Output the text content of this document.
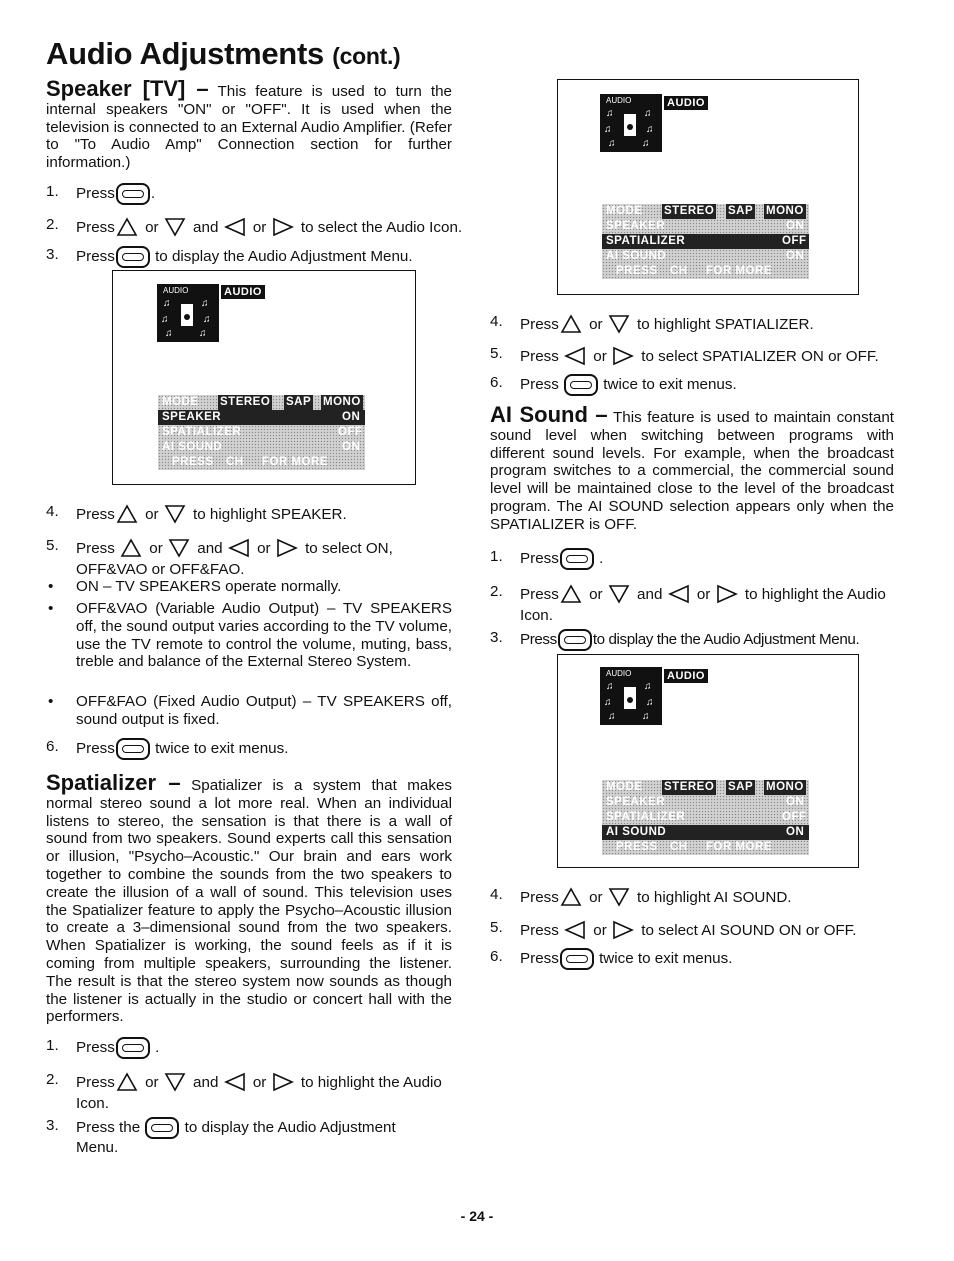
Audio Adjustments (cont.)
Speaker [TV] – This feature is used to turn the internal speakers "ON" or "OFF". It is used when the television is connected to an External Audio Amplifier. (Refer to "To Audio Amp" Connection section for further information.)
1. Press .
2. Press or and or to select the Audio Icon.
3. Press	to display the Audio Adjustment Menu.
AUDIO
♫	♫
♫	♫
♫	♫
AUDIO
MODE STEREO SAP MONO
SPEAKER	ON
SPATIALIZER	OFF
AI SOUND	ON
PRESS CH FOR MORE
4. Press or to highlight SPEAKER.
5. Press or and or to select ON,
OFF&VAO or OFF&FAO.
• ON – TV SPEAKERS operate normally.
• OFF&VAO (Variable Audio Output) – TV SPEAKERS off, the sound output varies according to the TV volume, use the TV remote to control the volume, muting, bass, treble and balance of the External Stereo System.
• OFF&FAO (Fixed Audio Output) – TV SPEAKERS off, sound output is fixed.
6. Press	twice to exit menus.
Spatializer – Spatializer is a system that makes normal stereo sound a lot more real. When an individual listens to stereo, the sensation is that there is a wall of sound from two speakers. Sound experts call this sensation or illusion, "Psycho–Acoustic." Our brain and ears work together to combine the sounds from the two speakers to create the illusion of a wall of sound. This television uses the Spatializer feature to apply the Psycho–Acoustic illusion to create a 3–dimensional sound from the two speakers. When Spatializer is working, the sound feels as if it is coming from multiple speakers, surrounding the listener. The result is that the stereo system now sounds as though the listener is actually in the studio or concert hall with the performers.
1. Press	.
2. Press or and or to highlight the Audio
Icon.
3. Press the	to display the Audio Adjustment
Menu.
AUDIO
♫	♫
♫	♫
♫	♫
AUDIO
MODE STEREO SAP MONO
SPEAKER	ON
SPATIALIZER	OFF
AI SOUND	ON
PRESS CH FOR MORE
4. Press or to highlight SPATIALIZER.
5. Press or to select SPATIALIZER ON or OFF.
6. Press	twice to exit menus.
AI Sound – This feature is used to maintain constant sound level when switching between programs with different sound levels. For example, when the broadcast program switches to a commercial, the commercial sound level will be maintained close to the level of the broadcast program. The AI SOUND selection appears only when the SPATIALIZER is OFF.
1. Press	.
2. Press or and or to highlight the Audio
Icon.
3. Press to display the the Audio Adjustment Menu.
AUDIO
♫	♫
♫	♫
♫	♫
AUDIO
MODE STEREO SAP MONO
SPEAKER	ON
SPATIALIZER	OFF
AI SOUND	ON
PRESS CH FOR MORE
4. Press or to highlight AI SOUND.
5. Press or to select AI SOUND ON or OFF.
6. Press	twice to exit menus.
- 24 -
